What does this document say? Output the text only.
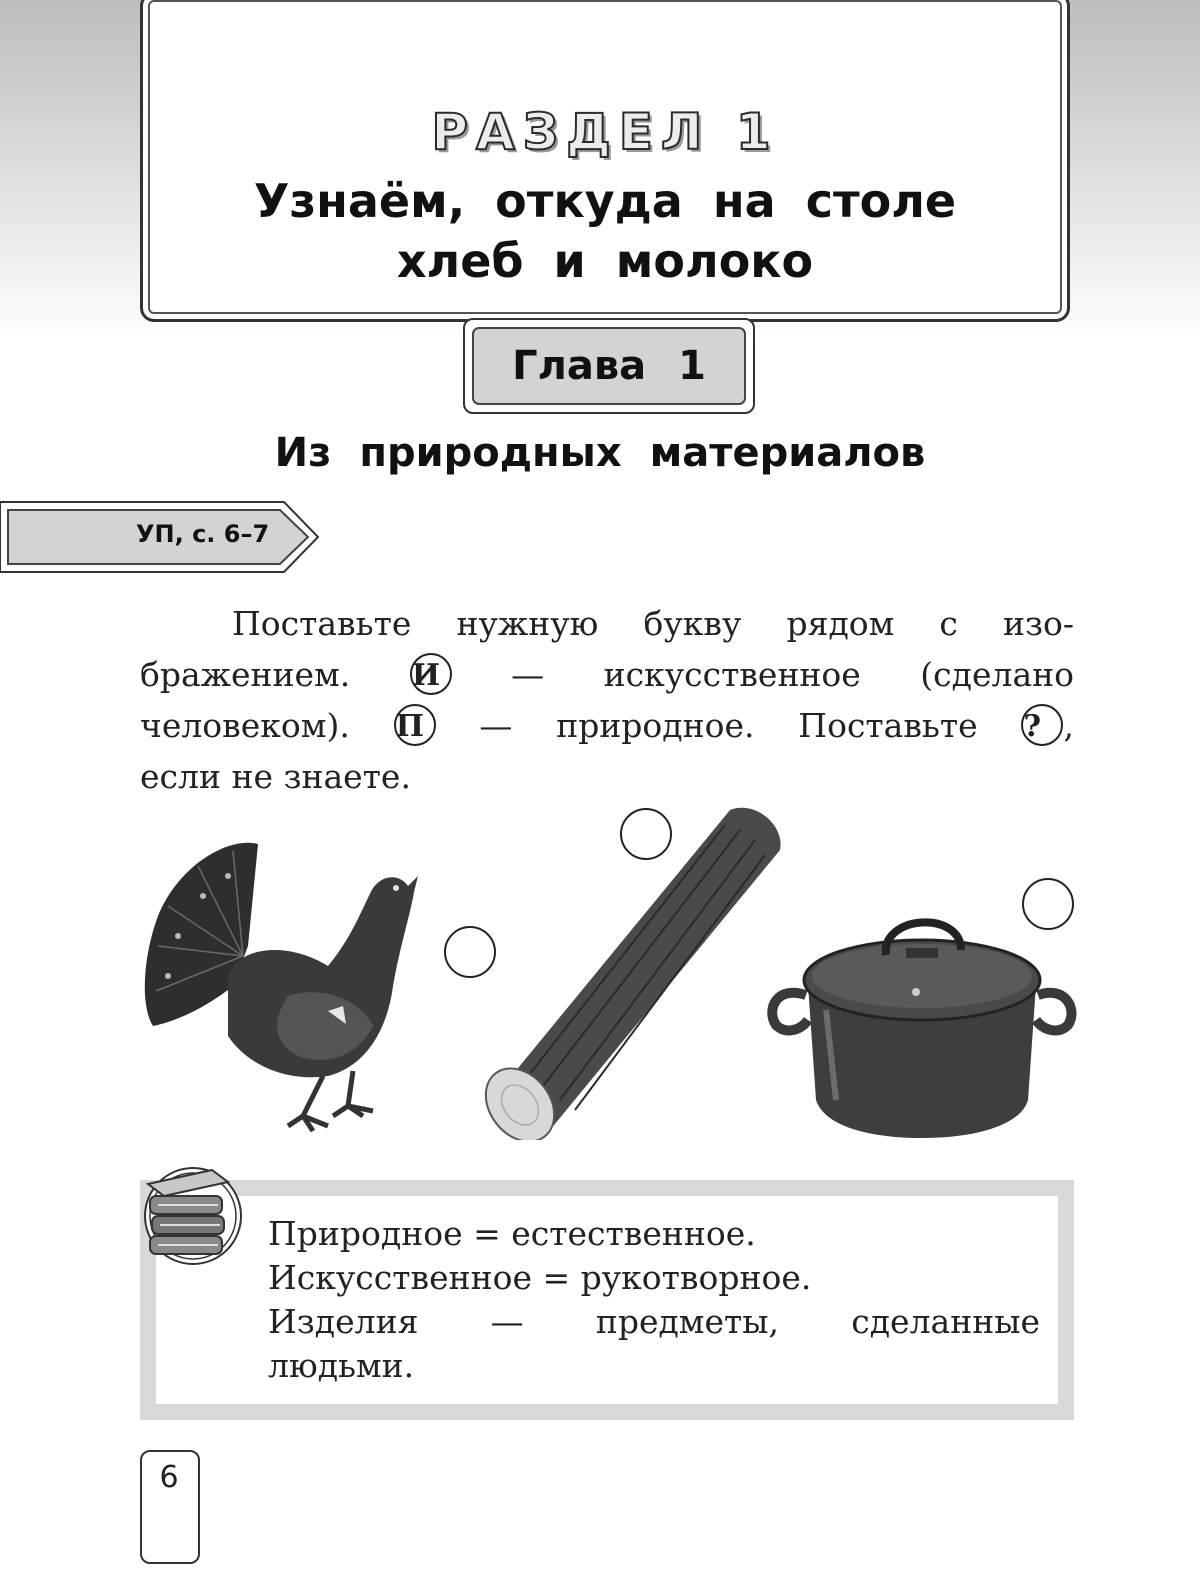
РАЗДЕЛ 1
Узнаём, откуда на столе
хлеб и молоко
Глава 1
Из природных материалов
УП, с. 6–7
Поставьте нужную букву рядом с изо-
бражением. И — искусственное (сделано
человеком). П — природное. Поставьте ? ,
если не знаете.
Природное = естественное.
Искусственное = рукотворное.
Изделия — предметы, сделанные
людьми.
6
